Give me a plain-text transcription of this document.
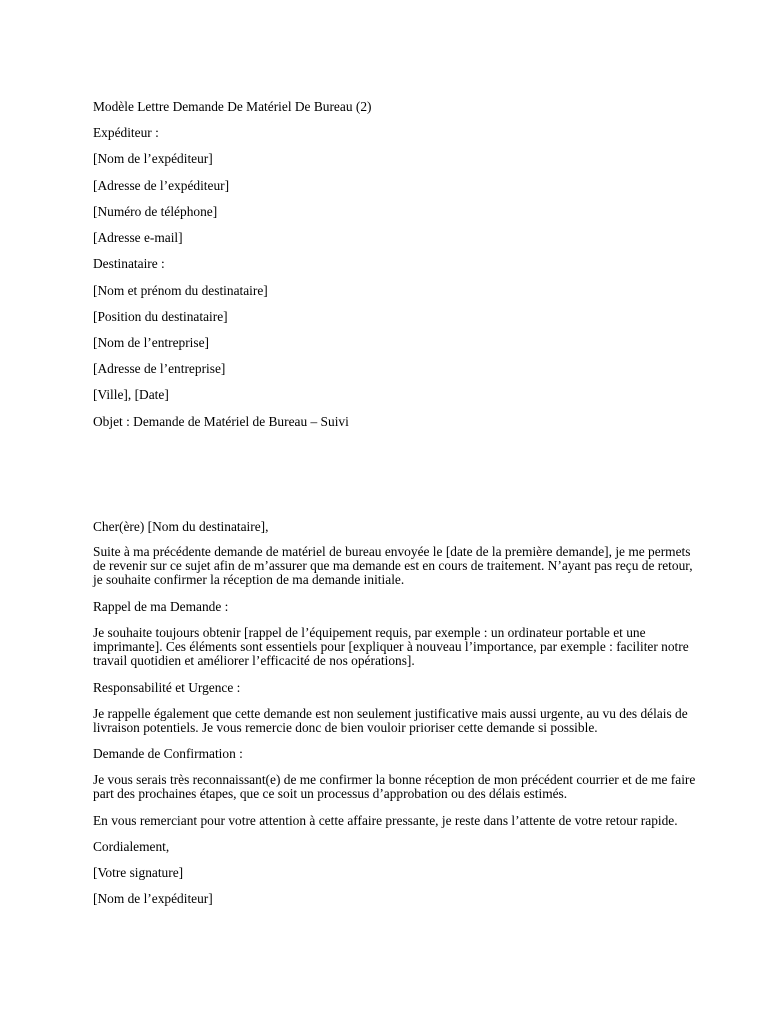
Modèle Lettre Demande De Matériel De Bureau (2)
Expéditeur :
[Nom de l’expéditeur]
[Adresse de l’expéditeur]
[Numéro de téléphone]
[Adresse e-mail]
Destinataire :
[Nom et prénom du destinataire]
[Position du destinataire]
[Nom de l’entreprise]
[Adresse de l’entreprise]
[Ville], [Date]
Objet : Demande de Matériel de Bureau – Suivi
Cher(ère) [Nom du destinataire],
Suite à ma précédente demande de matériel de bureau envoyée le [date de la première demande], je me permets
de revenir sur ce sujet afin de m’assurer que ma demande est en cours de traitement. N’ayant pas reçu de retour,
je souhaite confirmer la réception de ma demande initiale.
Rappel de ma Demande :
Je souhaite toujours obtenir [rappel de l’équipement requis, par exemple : un ordinateur portable et une
imprimante]. Ces éléments sont essentiels pour [expliquer à nouveau l’importance, par exemple : faciliter notre
travail quotidien et améliorer l’efficacité de nos opérations].
Responsabilité et Urgence :
Je rappelle également que cette demande est non seulement justificative mais aussi urgente, au vu des délais de
livraison potentiels. Je vous remercie donc de bien vouloir prioriser cette demande si possible.
Demande de Confirmation :
Je vous serais très reconnaissant(e) de me confirmer la bonne réception de mon précédent courrier et de me faire
part des prochaines étapes, que ce soit un processus d’approbation ou des délais estimés.
En vous remerciant pour votre attention à cette affaire pressante, je reste dans l’attente de votre retour rapide.
Cordialement,
[Votre signature]
[Nom de l’expéditeur]
